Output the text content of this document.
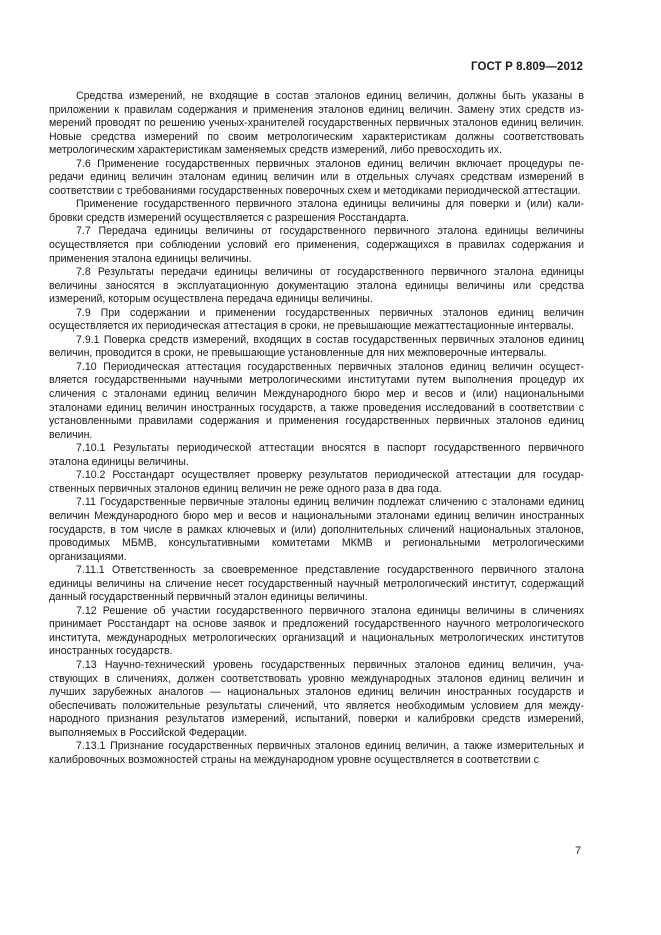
ГОСТ Р 8.809—2012

Средства измерений, не входящие в состав эталонов единиц величин, должны быть указаны в приложении к правилам содержания и применения эталонов единиц величин. Замену этих средств измерений проводят по решению ученых-хранителей государственных первичных эталонов единиц величин. Новые средства измерений по своим метрологическим характеристикам должны соответствовать метрологическим характеристикам заменяемых средств измерений, либо превосходить их.

7.6 Применение государственных первичных эталонов единиц величин включает процедуры передачи единиц величин эталонам единиц величин или в отдельных случаях средствам измерений в соответствии с требованиями государственных поверочных схем и методиками периодической аттестации.

Применение государственного первичного эталона единицы величины для поверки и (или) калибровки средств измерений осуществляется с разрешения Росстандарта.

7.7 Передача единицы величины от государственного первичного эталона единицы величины осуществляется при соблюдении условий его применения, содержащихся в правилах содержания и применения эталона единицы величины.

7.8 Результаты передачи единицы величины от государственного первичного эталона единицы величины заносятся в эксплуатационную документацию эталона единицы величины или средства измерений, которым осуществлена передача единицы величины.

7.9 При содержании и применении государственных первичных эталонов единиц величин осуществляется их периодическая аттестация в сроки, не превышающие межаттестационные интервалы.

7.9.1 Поверка средств измерений, входящих в состав государственных первичных эталонов единиц величин, проводится в сроки, не превышающие установленные для них межповерочные интервалы.

7.10 Периодическая аттестация государственных первичных эталонов единиц величин осуществляется государственными научными метрологическими институтами путем выполнения процедур их сличения с эталонами единиц величин Международного бюро мер и весов и (или) национальными эталонами единиц величин иностранных государств, а также проведения исследований в соответствии с установленными правилами содержания и применения государственных первичных эталонов единиц величин.

7.10.1 Результаты периодической аттестации вносятся в паспорт государственного первичного эталона единицы величины.

7.10.2 Росстандарт осуществляет проверку результатов периодической аттестации для государственных первичных эталонов единиц величин не реже одного раза в два года.

7.11 Государственные первичные эталоны единиц величин подлежат сличению с эталонами единиц величин Международного бюро мер и весов и национальными эталонами единиц величин иностранных государств, в том числе в рамках ключевых и (или) дополнительных сличений национальных эталонов, проводимых МБМВ, консультативными комитетами МКМВ и региональными метрологическими организациями.

7.11.1 Ответственность за своевременное представление государственного первичного эталона единицы величины на сличение несет государственный научный метрологический институт, содержащий данный государственный первичный эталон единицы величины.

7.12 Решение об участии государственного первичного эталона единицы величины в сличениях принимает Росстандарт на основе заявок и предложений государственного научного метрологического института, международных метрологических организаций и национальных метрологических институтов иностранных государств.

7.13 Научно-технический уровень государственных первичных эталонов единиц величин, участвующих в сличениях, должен соответствовать уровню международных эталонов единиц величин и лучших зарубежных аналогов — национальных эталонов единиц величин иностранных государств и обеспечивать положительные результаты сличений, что является необходимым условием для международного признания результатов измерений, испытаний, поверки и калибровки средств измерений, выполняемых в Российской Федерации.

7.13.1 Признание государственных первичных эталонов единиц величин, а также измерительных и калибровочных возможностей страны на международном уровне осуществляется в соответствии с

7
